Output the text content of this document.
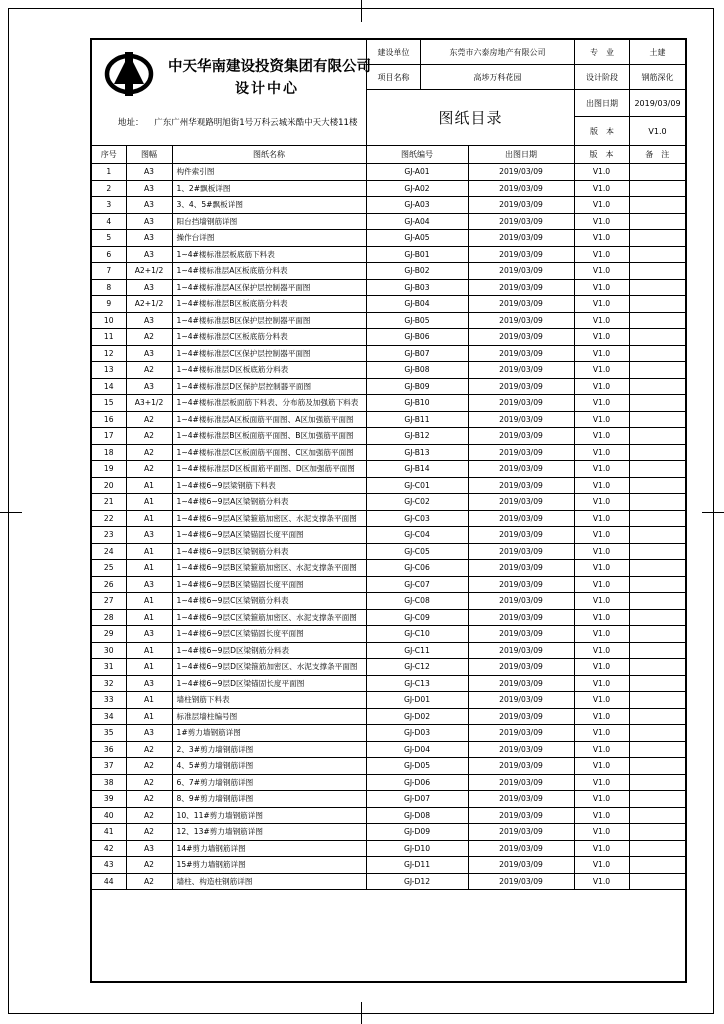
中天华南建设投资集团有限公司
设计中心
地址： 广东广州华观路明旭街1号万科云城米酷中天大楼11楼
建设单位	东莞市六泰房地产有限公司	专　业	土建
项目名称	高埗万科花园	设计阶段	钢筋深化
图纸目录
出图日期	2019/03/09
版　本	V1.0
序号	图幅	图纸名称	图纸编号	出图日期	版　本	备　注
1	A3	构件索引图	GJ-A01	2019/03/09	V1.0	
2	A3	1、2#飘板详图	GJ-A02	2019/03/09	V1.0	
3	A3	3、4、5#飘板详图	GJ-A03	2019/03/09	V1.0	
4	A3	阳台挡墙钢筋详图	GJ-A04	2019/03/09	V1.0	
5	A3	操作台详图	GJ-A05	2019/03/09	V1.0	
6	A3	1~4#楼标准层板底筋下料表	GJ-B01	2019/03/09	V1.0	
7	A2+1/2	1~4#楼标准层A区板底筋分料表	GJ-B02	2019/03/09	V1.0	
8	A3	1~4#楼标准层A区保护层控制器平面图	GJ-B03	2019/03/09	V1.0	
9	A2+1/2	1~4#楼标准层B区板底筋分料表	GJ-B04	2019/03/09	V1.0	
10	A3	1~4#楼标准层B区保护层控制器平面图	GJ-B05	2019/03/09	V1.0	
11	A2	1~4#楼标准层C区板底筋分料表	GJ-B06	2019/03/09	V1.0	
12	A3	1~4#楼标准层C区保护层控制器平面图	GJ-B07	2019/03/09	V1.0	
13	A2	1~4#楼标准层D区板底筋分料表	GJ-B08	2019/03/09	V1.0	
14	A3	1~4#楼标准层D区保护层控制器平面图	GJ-B09	2019/03/09	V1.0	
15	A3+1/2	1~4#楼标准层板面筋下料表、分布筋及加强筋下料表	GJ-B10	2019/03/09	V1.0	
16	A2	1~4#楼标准层A区板面筋平面图、A区加强筋平面图	GJ-B11	2019/03/09	V1.0	
17	A2	1~4#楼标准层B区板面筋平面图、B区加强筋平面图	GJ-B12	2019/03/09	V1.0	
18	A2	1~4#楼标准层C区板面筋平面图、C区加强筋平面图	GJ-B13	2019/03/09	V1.0	
19	A2	1~4#楼标准层D区板面筋平面图、D区加强筋平面图	GJ-B14	2019/03/09	V1.0	
20	A1	1~4#楼6~9层梁钢筋下料表	GJ-C01	2019/03/09	V1.0	
21	A1	1~4#楼6~9层A区梁钢筋分料表	GJ-C02	2019/03/09	V1.0	
22	A1	1~4#楼6~9层A区梁箍筋加密区、水泥支撑条平面图	GJ-C03	2019/03/09	V1.0	
23	A3	1~4#楼6~9层A区梁锚固长度平面图	GJ-C04	2019/03/09	V1.0	
24	A1	1~4#楼6~9层B区梁钢筋分料表	GJ-C05	2019/03/09	V1.0	
25	A1	1~4#楼6~9层B区梁箍筋加密区、水泥支撑条平面图	GJ-C06	2019/03/09	V1.0	
26	A3	1~4#楼6~9层B区梁锚固长度平面图	GJ-C07	2019/03/09	V1.0	
27	A1	1~4#楼6~9层C区梁钢筋分料表	GJ-C08	2019/03/09	V1.0	
28	A1	1~4#楼6~9层C区梁箍筋加密区、水泥支撑条平面图	GJ-C09	2019/03/09	V1.0	
29	A3	1~4#楼6~9层C区梁锚固长度平面图	GJ-C10	2019/03/09	V1.0	
30	A1	1~4#楼6~9层D区梁钢筋分料表	GJ-C11	2019/03/09	V1.0	
31	A1	1~4#楼6~9层D区梁箍筋加密区、水泥支撑条平面图	GJ-C12	2019/03/09	V1.0	
32	A3	1~4#楼6~9层D区梁锚固长度平面图	GJ-C13	2019/03/09	V1.0	
33	A1	墙柱钢筋下料表	GJ-D01	2019/03/09	V1.0	
34	A1	标准层墙柱编号图	GJ-D02	2019/03/09	V1.0	
35	A3	1#剪力墙钢筋详图	GJ-D03	2019/03/09	V1.0	
36	A2	2、3#剪力墙钢筋详图	GJ-D04	2019/03/09	V1.0	
37	A2	4、5#剪力墙钢筋详图	GJ-D05	2019/03/09	V1.0	
38	A2	6、7#剪力墙钢筋详图	GJ-D06	2019/03/09	V1.0	
39	A2	8、9#剪力墙钢筋详图	GJ-D07	2019/03/09	V1.0	
40	A2	10、11#剪力墙钢筋详图	GJ-D08	2019/03/09	V1.0	
41	A2	12、13#剪力墙钢筋详图	GJ-D09	2019/03/09	V1.0	
42	A3	14#剪力墙钢筋详图	GJ-D10	2019/03/09	V1.0	
43	A2	15#剪力墙钢筋详图	GJ-D11	2019/03/09	V1.0	
44	A2	墙柱、构造柱钢筋详图	GJ-D12	2019/03/09	V1.0	
